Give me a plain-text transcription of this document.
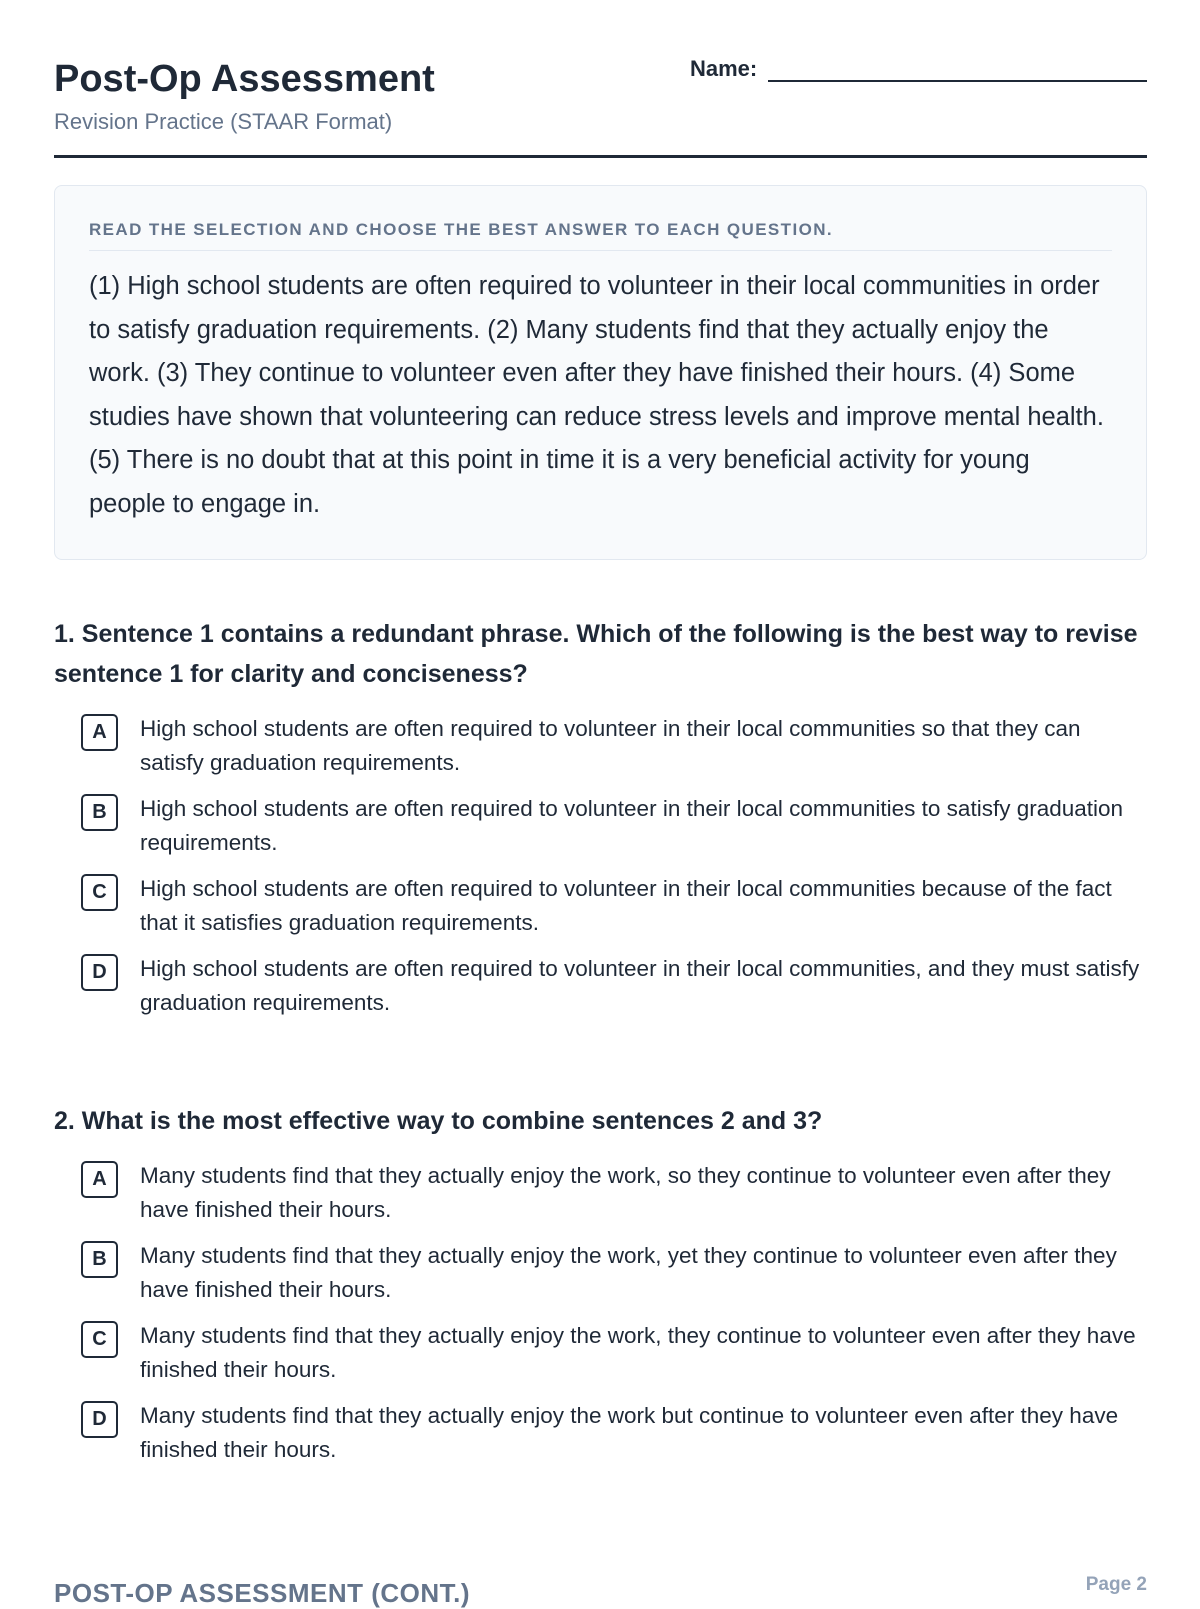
Post-Op Assessment
Revision Practice (STAAR Format)
Name:
READ THE SELECTION AND CHOOSE THE BEST ANSWER TO EACH QUESTION.
(1) High school students are often required to volunteer in their local communities in order to satisfy graduation requirements. (2) Many students find that they actually enjoy the work. (3) They continue to volunteer even after they have finished their hours. (4) Some studies have shown that volunteering can reduce stress levels and improve mental health. (5) There is no doubt that at this point in time it is a very beneficial activity for young people to engage in.
1. Sentence 1 contains a redundant phrase. Which of the following is the best way to revise sentence 1 for clarity and conciseness?
A	High school students are often required to volunteer in their local communities so that they can satisfy graduation requirements.
B	High school students are often required to volunteer in their local communities to satisfy graduation requirements.
C	High school students are often required to volunteer in their local communities because of the fact that it satisfies graduation requirements.
D	High school students are often required to volunteer in their local communities, and they must satisfy graduation requirements.
2. What is the most effective way to combine sentences 2 and 3?
A	Many students find that they actually enjoy the work, so they continue to volunteer even after they have finished their hours.
B	Many students find that they actually enjoy the work, yet they continue to volunteer even after they have finished their hours.
C	Many students find that they actually enjoy the work, they continue to volunteer even after they have finished their hours.
D	Many students find that they actually enjoy the work but continue to volunteer even after they have finished their hours.
POST-OP ASSESSMENT (CONT.)	Page 2
